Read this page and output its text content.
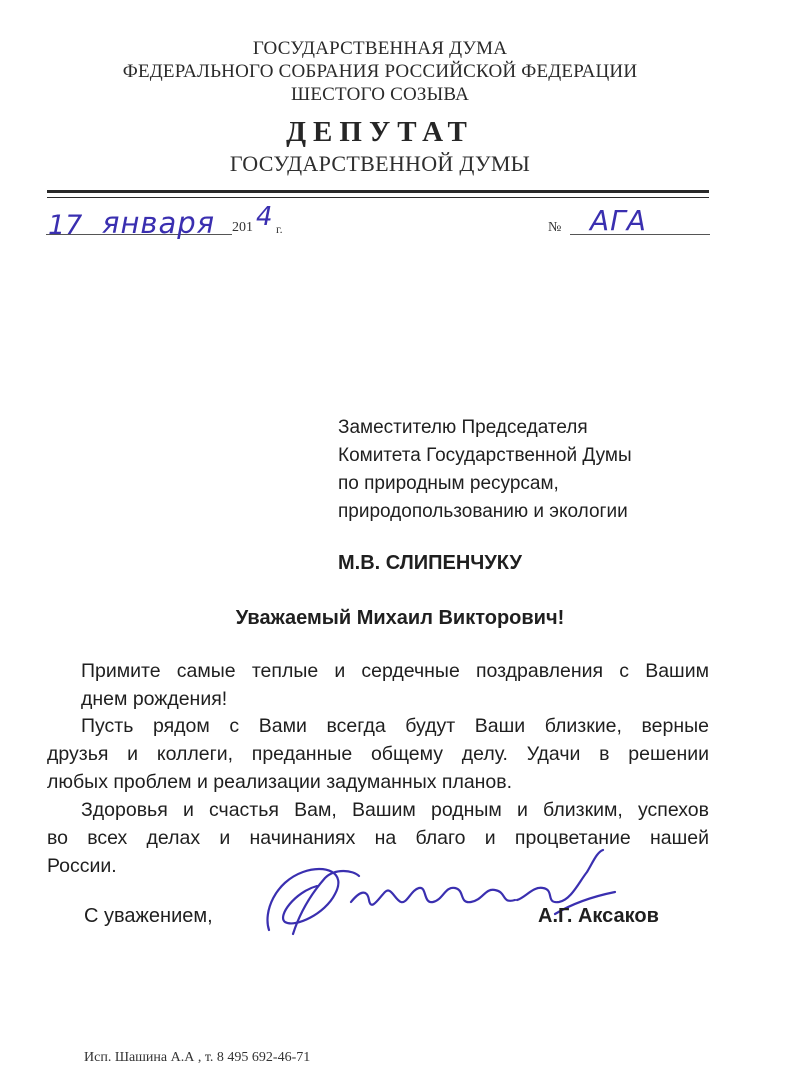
ГОСУДАРСТВЕННАЯ ДУМА
ФЕДЕРАЛЬНОГО СОБРАНИЯ РОССИЙСКОЙ ФЕДЕРАЦИИ
ШЕСТОГО СОЗЫВА
ДЕПУТАТ
ГОСУДАРСТВЕННОЙ ДУМЫ
17 января 201 4 г.	№ АГА
Заместителю Председателя
Комитета Государственной Думы
по природным ресурсам,
природопользованию и экологии
М.В. СЛИПЕНЧУКУ
Уважаемый Михаил Викторович!
Примите самые теплые и сердечные поздравления с Вашим
днем рождения!
Пусть рядом с Вами всегда будут Ваши близкие, верные
друзья и коллеги, преданные общему делу. Удачи в решении
любых проблем и реализации задуманных планов.
Здоровья и счастья Вам, Вашим родным и близким, успехов
во всех делах и начинаниях на благо и процветание нашей
России.
С уважением,	А.Г. Аксаков
Исп. Шашина А.А , т. 8 495 692-46-71
